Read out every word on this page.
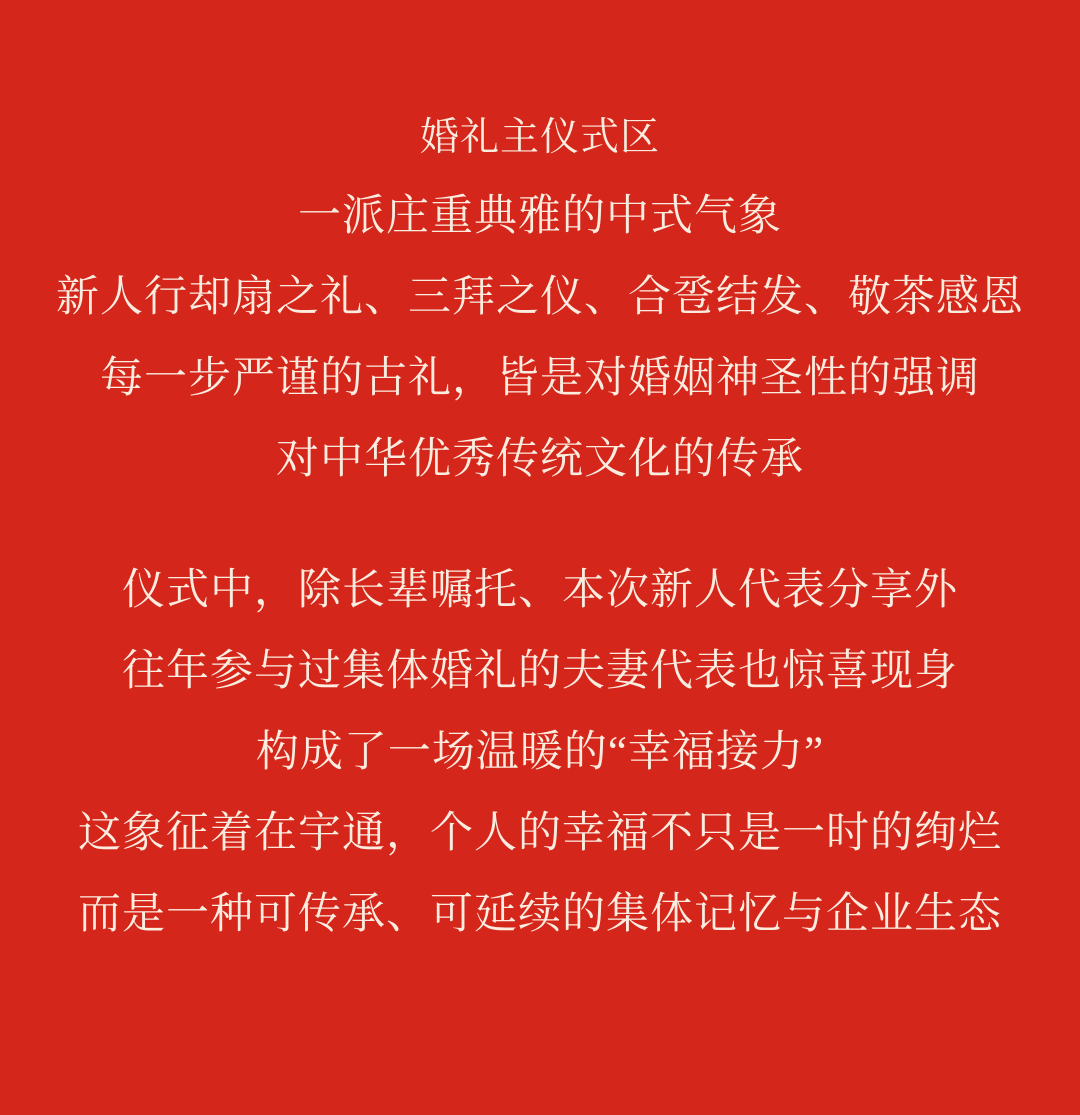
婚礼主仪式区
一派庄重典雅的中式气象
新人行却扇之礼、三拜之仪、合卺结发、敬茶感恩
每一步严谨的古礼，皆是对婚姻神圣性的强调
对中华优秀传统文化的传承
仪式中，除长辈嘱托、本次新人代表分享外
往年参与过集体婚礼的夫妻代表也惊喜现身
构成了一场温暖的“幸福接力”
这象征着在宇通，个人的幸福不只是一时的绚烂
而是一种可传承、可延续的集体记忆与企业生态
